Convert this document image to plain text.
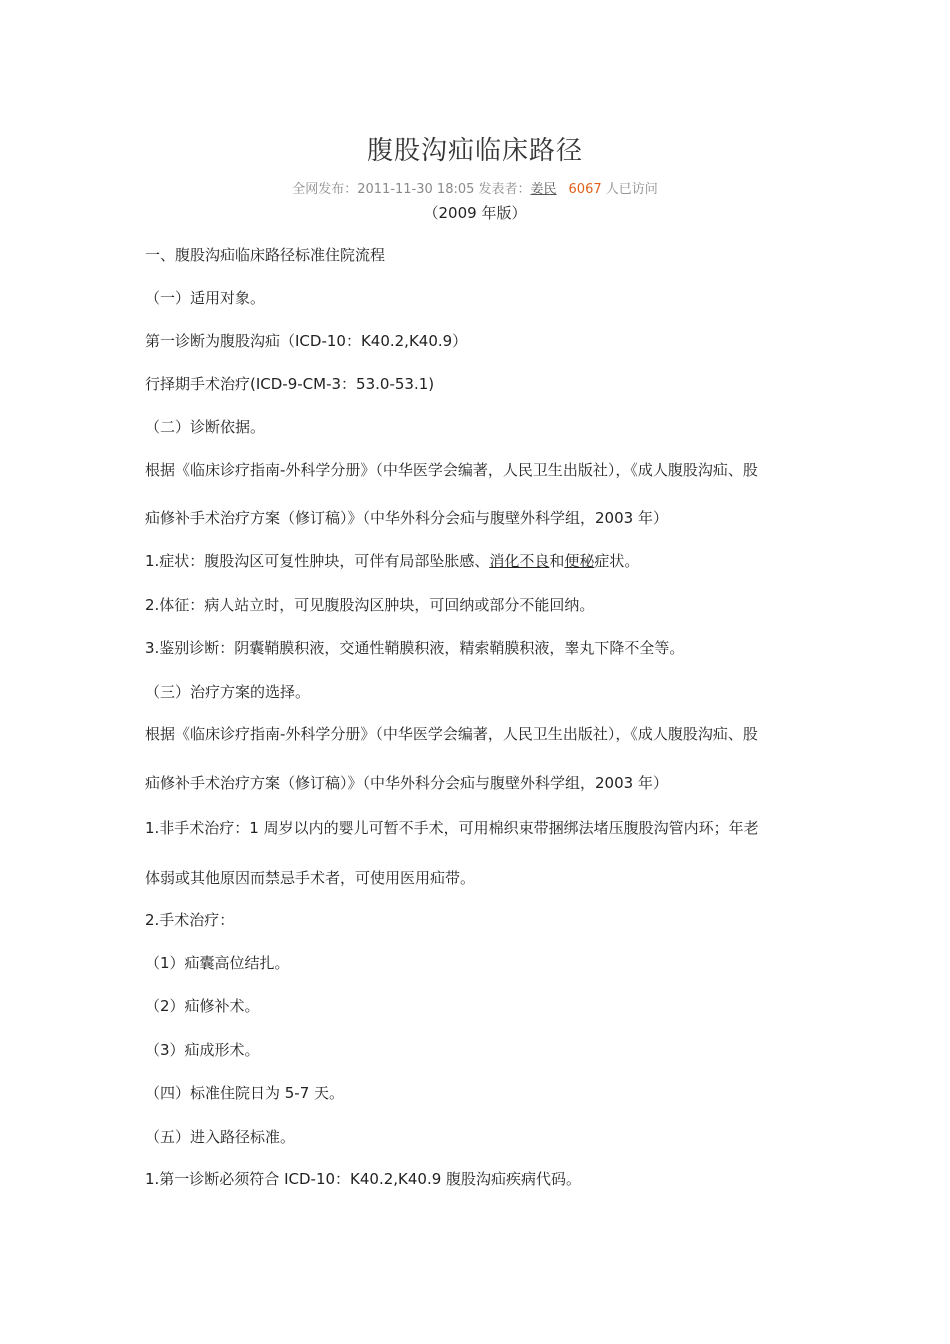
腹股沟疝临床路径
全网发布：2011-11-30 18:05 发表者：姜民 6067 人已访问
（2009 年版）
一、腹股沟疝临床路径标准住院流程
（一）适用对象。
第一诊断为腹股沟疝（ICD-10：K40.2,K40.9）
行择期手术治疗(ICD-9-CM-3：53.0-53.1)
（二）诊断依据。
根据《临床诊疗指南-外科学分册》（中华医学会编著，人民卫生出版社），《成人腹股沟疝、股
疝修补手术治疗方案（修订稿）》（中华外科分会疝与腹壁外科学组，2003 年）
1.症状：腹股沟区可复性肿块，可伴有局部坠胀感、消化不良和便秘症状。
2.体征：病人站立时，可见腹股沟区肿块，可回纳或部分不能回纳。
3.鉴别诊断：阴囊鞘膜积液，交通性鞘膜积液，精索鞘膜积液，睾丸下降不全等。
（三）治疗方案的选择。
根据《临床诊疗指南-外科学分册》（中华医学会编著，人民卫生出版社），《成人腹股沟疝、股
疝修补手术治疗方案（修订稿）》（中华外科分会疝与腹壁外科学组，2003 年）
1.非手术治疗：1 周岁以内的婴儿可暂不手术，可用棉织束带捆绑法堵压腹股沟管内环；年老
体弱或其他原因而禁忌手术者，可使用医用疝带。
2.手术治疗：
（1）疝囊高位结扎。
（2）疝修补术。
（3）疝成形术。
（四）标准住院日为 5-7 天。
（五）进入路径标准。
1.第一诊断必须符合 ICD-10：K40.2,K40.9 腹股沟疝疾病代码。
